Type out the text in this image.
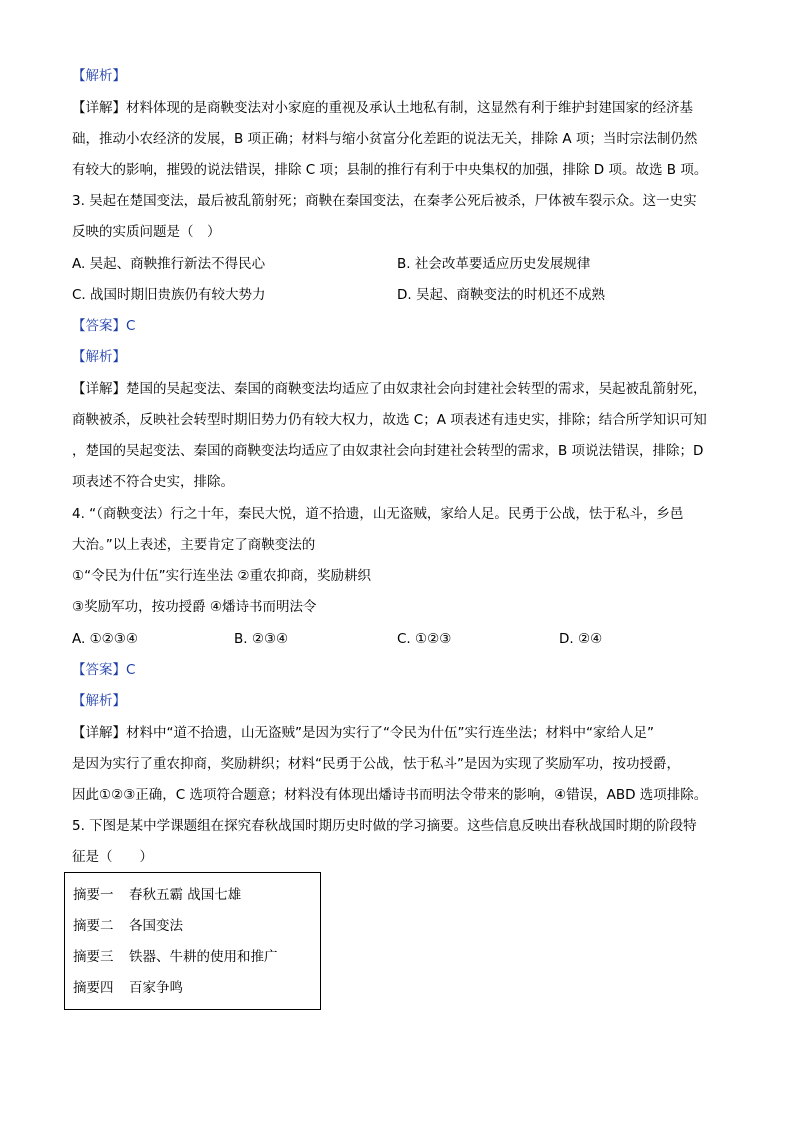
【解析】
【详解】材料体现的是商鞅变法对小家庭的重视及承认土地私有制，这显然有利于维护封建国家的经济基
础，推动小农经济的发展，B 项正确；材料与缩小贫富分化差距的说法无关，排除 A 项；当时宗法制仍然
有较大的影响，摧毁的说法错误，排除 C 项；县制的推行有利于中央集权的加强，排除 D 项。故选 B 项。
3. 吴起在楚国变法，最后被乱箭射死；商鞅在秦国变法，在秦孝公死后被杀，尸体被车裂示众。这一史实
反映的实质问题是（　）
A. 吴起、商鞅推行新法不得民心	B. 社会改革要适应历史发展规律
C. 战国时期旧贵族仍有较大势力	D. 吴起、商鞅变法的时机还不成熟
【答案】C
【解析】
【详解】楚国的吴起变法、秦国的商鞅变法均适应了由奴隶社会向封建社会转型的需求，吴起被乱箭射死，
商鞅被杀，反映社会转型时期旧势力仍有较大权力，故选 C；A 项表述有违史实，排除；结合所学知识可知
，楚国的吴起变法、秦国的商鞅变法均适应了由奴隶社会向封建社会转型的需求，B 项说法错误，排除；D
项表述不符合史实，排除。
4. “（商鞅变法）行之十年，秦民大悦，道不拾遗，山无盗贼，家给人足。民勇于公战，怯于私斗，乡邑
大治。”以上表述，主要肯定了商鞅变法的
①“令民为什伍”实行连坐法 ②重农抑商，奖励耕织
③奖励军功，按功授爵 ④燔诗书而明法令
A. ①②③④	B. ②③④	C. ①②③	D. ②④
【答案】C
【解析】
【详解】材料中“道不拾遗，山无盗贼”是因为实行了“令民为什伍”实行连坐法；材料中“家给人足”
是因为实行了重农抑商，奖励耕织；材料“民勇于公战，怯于私斗”是因为实现了奖励军功，按功授爵，
因此①②③正确，C 选项符合题意；材料没有体现出燔诗书而明法令带来的影响，④错误，ABD 选项排除。
5. 下图是某中学课题组在探究春秋战国时期历史时做的学习摘要。这些信息反映出春秋战国时期的阶段特
征是（　　）
摘要一 春秋五霸 战国七雄
摘要二 各国变法
摘要三 铁器、牛耕的使用和推广
摘要四 百家争鸣
